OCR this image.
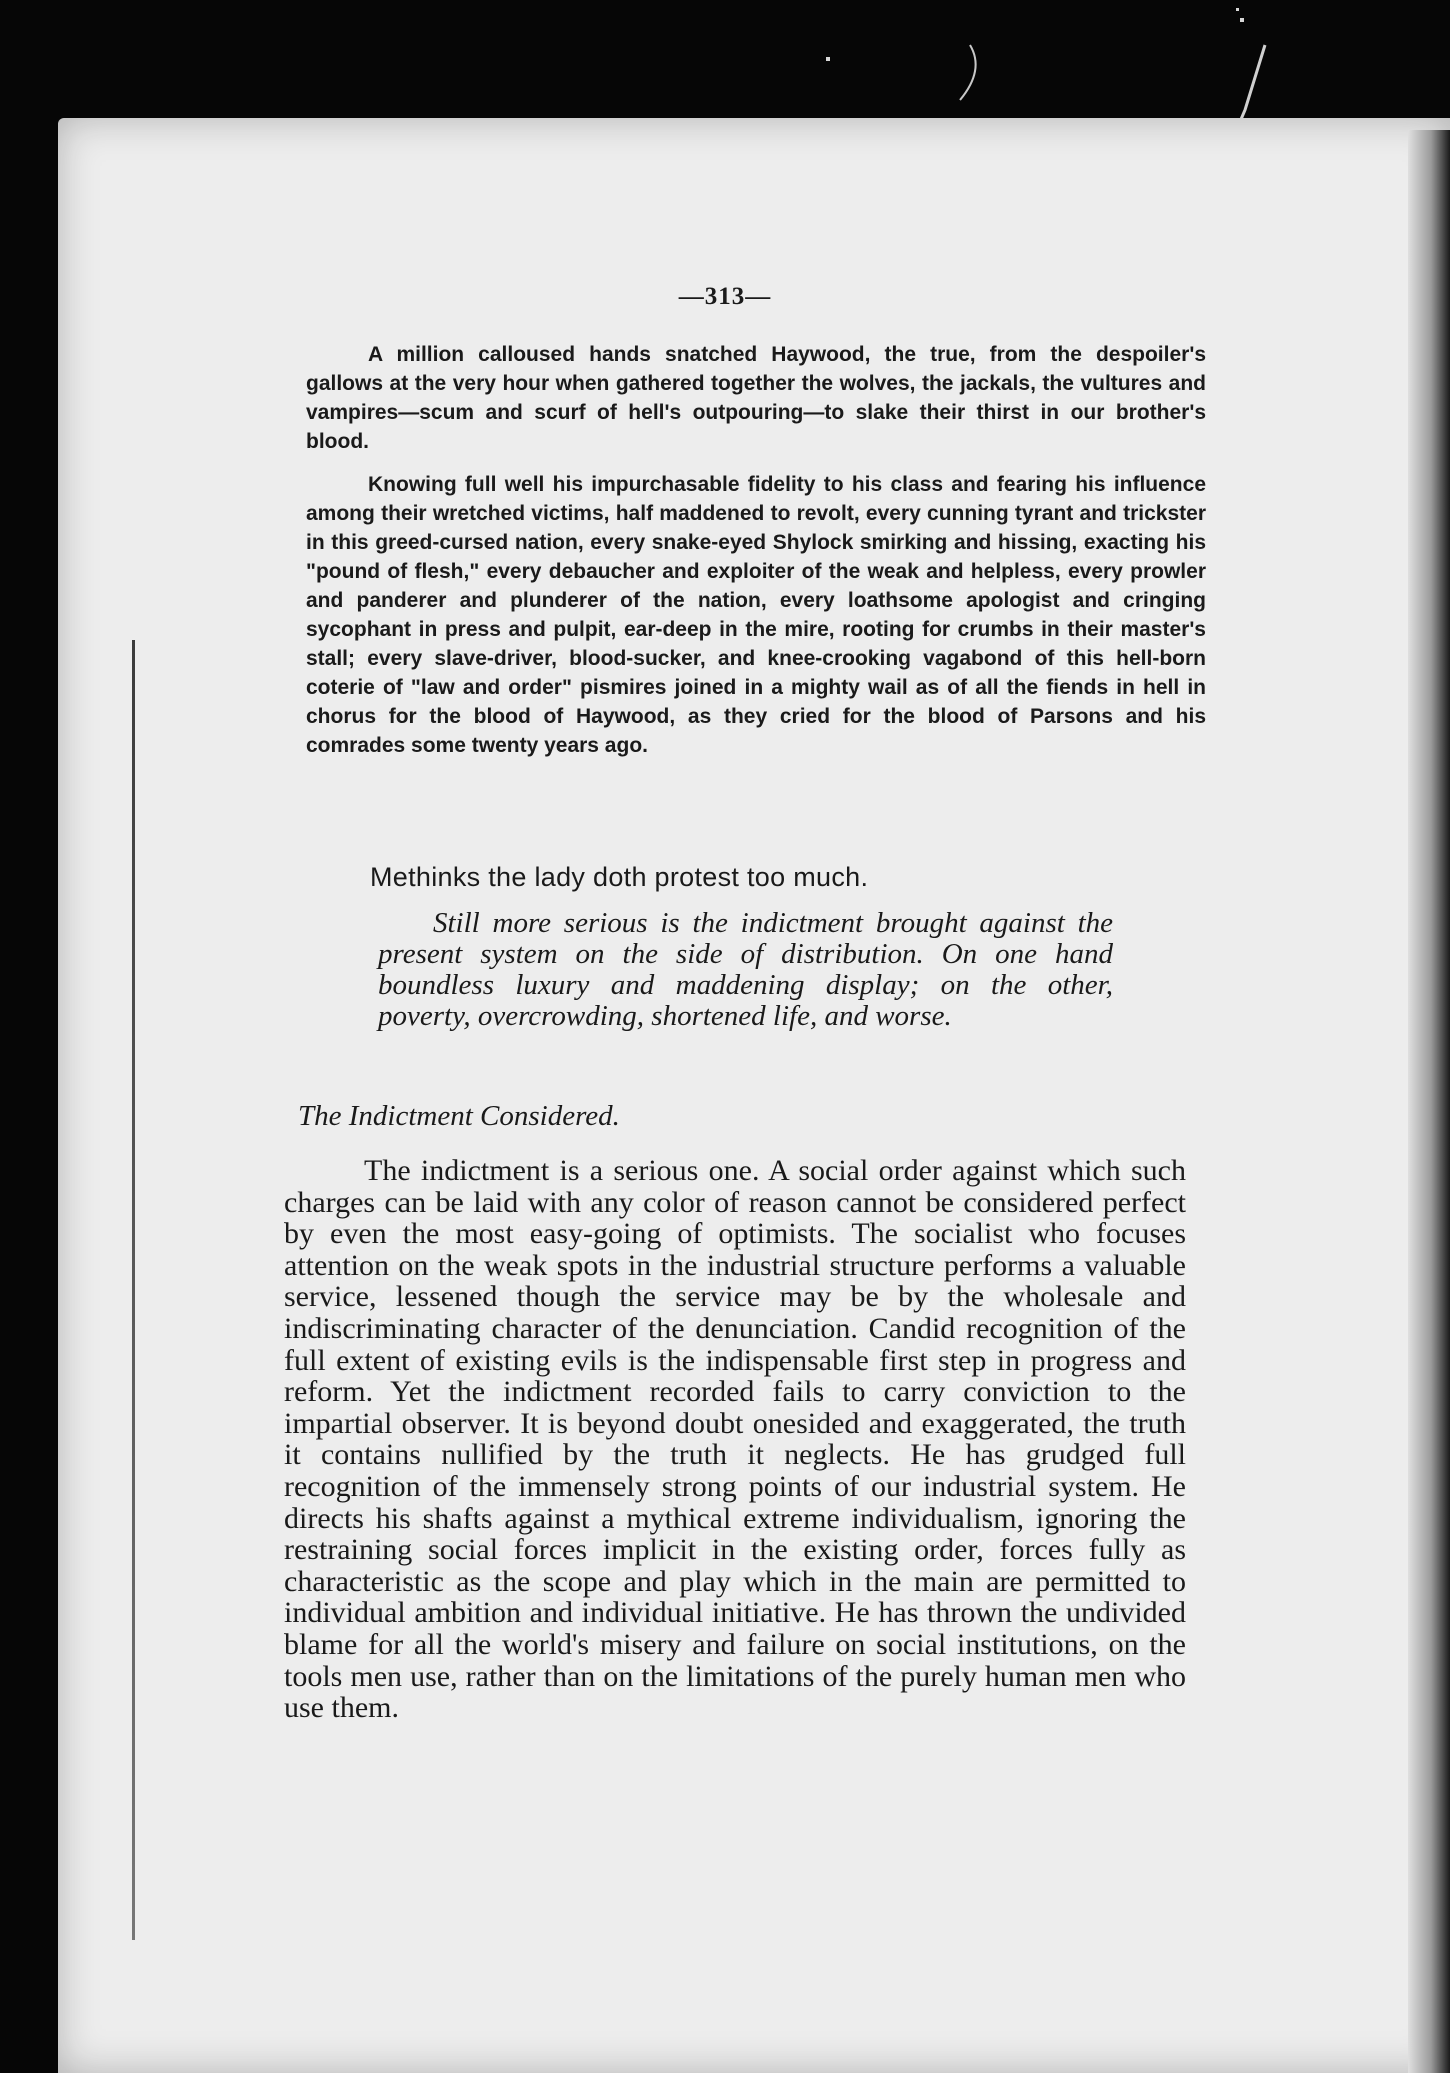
—313—

A million calloused hands snatched Haywood, the true, from the despoiler's gallows at the very hour when gathered together the wolves, the jackals, the vultures and vampires—scum and scurf of hell's outpouring—to slake their thirst in our brother's blood.

Knowing full well his impurchasable fidelity to his class and fearing his influence among their wretched victims, half maddened to revolt, every cunning tyrant and trickster in this greed-cursed nation, every snake-eyed Shylock smirking and hissing, exacting his "pound of flesh," every debaucher and exploiter of the weak and helpless, every prowler and panderer and plunderer of the nation, every loathsome apologist and cringing sycophant in press and pulpit, ear-deep in the mire, rooting for crumbs in their master's stall; every slave-driver, blood-sucker, and knee-crooking vagabond of this hell-born coterie of "law and order" pismires joined in a mighty wail as of all the fiends in hell in chorus for the blood of Haywood, as they cried for the blood of Parsons and his comrades some twenty years ago.

Methinks the lady doth protest too much.
Still more serious is the indictment brought against the present system on the side of distribution. On one hand boundless luxury and maddening display; on the other, poverty, overcrowding, shortened life, and worse.
The Indictment Considered.
The indictment is a serious one. A social order against which such charges can be laid with any color of reason cannot be considered perfect by even the most easy-going of optimists. The socialist who focuses attention on the weak spots in the industrial structure performs a valuable service, lessened though the service may be by the wholesale and indiscriminating character of the denunciation. Candid recognition of the full extent of existing evils is the indispensable first step in progress and reform. Yet the indictment recorded fails to carry conviction to the impartial observer. It is beyond doubt onesided and exaggerated, the truth it contains nullified by the truth it neglects. He has grudged full recognition of the immensely strong points of our industrial system. He directs his shafts against a mythical extreme individualism, ignoring the restraining social forces implicit in the existing order, forces fully as characteristic as the scope and play which in the main are permitted to individual ambition and individual initiative. He has thrown the undivided blame for all the world's misery and failure on social institutions, on the tools men use, rather than on the limitations of the purely human men who use them.
